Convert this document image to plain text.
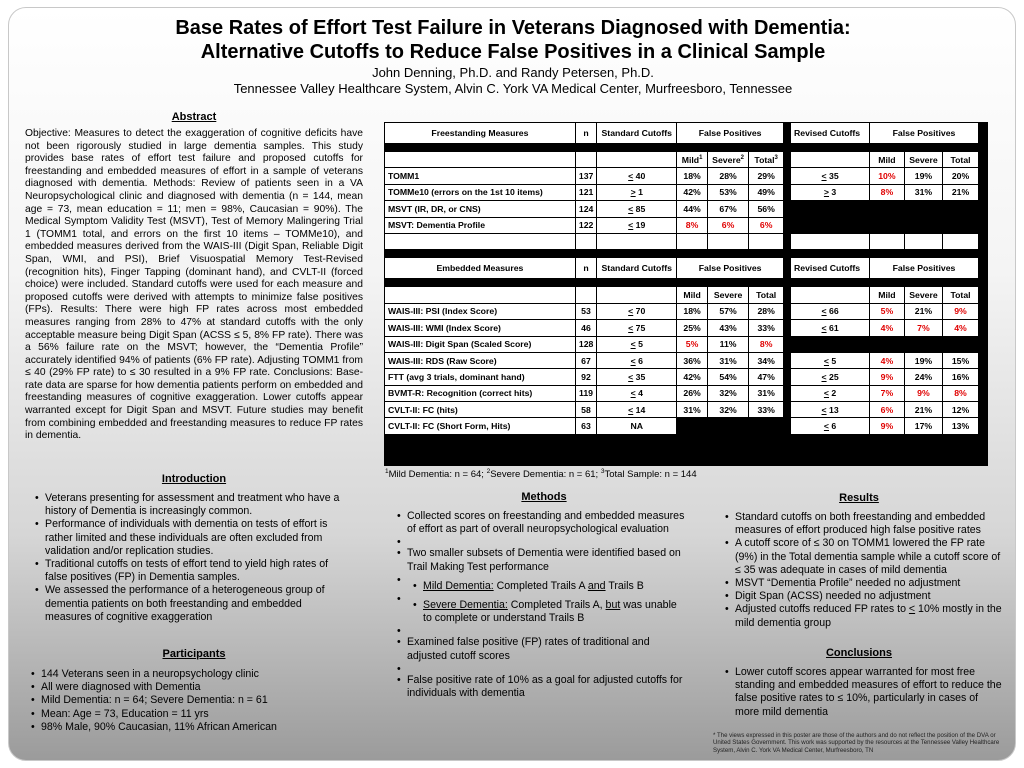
Base Rates of Effort Test Failure in Veterans Diagnosed with Dementia:
Alternative Cutoffs to Reduce False Positives in a Clinical Sample
John Denning, Ph.D. and Randy Petersen, Ph.D.
Tennessee Valley Healthcare System, Alvin C. York VA Medical Center, Murfreesboro, Tennessee
Abstract
Objective: Measures to detect the exaggeration of cognitive deficits have not been rigorously studied in large dementia samples. This study provides base rates of effort test failure and proposed cutoffs for freestanding and embedded measures of effort in a sample of veterans diagnosed with dementia. Methods: Review of patients seen in a VA Neuropsychological clinic and diagnosed with dementia (n = 144, mean age = 73, mean education = 11; men = 98%, Caucasian = 90%). The Medical Symptom Validity Test (MSVT), Test of Memory Malingering Trial 1 (TOMM1 total, and errors on the first 10 items – TOMMe10), and embedded measures derived from the WAIS-III (Digit Span, Reliable Digit Span, WMI, and PSI), Brief Visuospatial Memory Test-Revised (recognition hits), Finger Tapping (dominant hand), and CVLT-II (forced choice) were included. Standard cutoffs were used for each measure and proposed cutoffs were derived with attempts to minimize false positives (FPs). Results: There were high FP rates across most embedded measures ranging from 28% to 47% at standard cutoffs with the only acceptable measure being Digit Span (ACSS ≤ 5, 8% FP rate). There was a 56% failure rate on the MSVT; however, the “Dementia Profile” accurately identified 94% of patients (6% FP rate). Adjusting TOMM1 from ≤ 40 (29% FP rate) to ≤ 30 resulted in a 9% FP rate. Conclusions: Base-rate data are sparse for how dementia patients perform on embedded and freestanding measures of cognitive exaggeration. Lower cutoffs appear warranted except for Digit Span and MSVT. Future studies may benefit from combining embedded and freestanding measures to reduce FP rates in dementia.
Introduction
• Veterans presenting for assessment and treatment who have a history of Dementia is increasingly common.
• Performance of individuals with dementia on tests of effort is rather limited and these individuals are often excluded from validation and/or replication studies.
• Traditional cutoffs on tests of effort tend to yield high rates of false positives (FP) in Dementia samples.
• We assessed the performance of a heterogeneous group of dementia patients on both freestanding and embedded measures of cognitive exaggeration
Participants
• 144 Veterans seen in a neuropsychology clinic
• All were diagnosed with Dementia
• Mild Dementia: n = 64; Severe Dementia: n = 61
• Mean: Age = 73, Education = 11 yrs
• 98% Male, 90% Caucasian, 11% African American
Freestanding Measures	n	Standard Cutoffs	False Positives				Revised Cutoffs	False Positives			

			Mild$^1$	Severe$^2$	Total$^3$			Mild	Severe	Total	
TOMM1	137	< 40	18%	28%	29%		< 35	10%	19%	20%	
TOMMe10 (errors on the 1st 10 items)	121	> 1	42%	53%	49%		> 3	8%	31%	21%	
MSVT (IR, DR, or CNS)	124	< 85	44%	67%	56%						
MSVT: Dementia Profile	122	< 19	8%	6%	6%						

Embedded Measures	n	Standard Cutoffs	False Positives				Revised Cutoffs	False Positives			

			Mild	Severe	Total			Mild	Severe	Total	
WAIS-III: PSI (Index Score)	53	< 70	18%	57%	28%		< 66	5%	21%	9%	
WAIS-III: WMI (Index Score)	46	< 75	25%	43%	33%		< 61	4%	7%	4%	
WAIS-III: Digit Span (Scaled Score)	128	< 5	5%	11%	8%						
WAIS-III: RDS (Raw Score)	67	< 6	36%	31%	34%		< 5	4%	19%	15%	
FTT (avg 3 trials, dominant hand)	92	< 35	42%	54%	47%		< 25	9%	24%	16%	
BVMT-R: Recognition (correct hits)	119	< 4	26%	32%	31%		< 2	7%	9%	8%	
CVLT-II: FC (hits)	58	< 14	31%	32%	33%		< 13	6%	21%	12%	
CVLT-II: FC (Short Form, Hits)	63	NA					< 6	9%	17%	13%	
$^1$Mild Dementia: n = 64; $^2$Severe Dementia: n = 61; $^3$Total Sample: n = 144
Methods
• Collected scores on freestanding and embedded measures of effort as part of overall neuropsychological evaluation
•
• Two smaller subsets of Dementia were identified based on Trail Making Test performance
•
• Mild Dementia: Completed Trails A and Trails B
•
• Severe Dementia: Completed Trails A, but was unable to complete or understand Trails B
•
• Examined false positive (FP) rates of traditional and adjusted cutoff scores
•
• False positive rate of 10% as a goal for adjusted cutoffs for individuals with dementia
Results
• Standard cutoffs on both freestanding and embedded measures of effort produced high false positive rates
• A cutoff score of ≤ 30 on TOMM1 lowered the FP rate (9%) in the Total dementia sample while a cutoff score of ≤ 35 was adequate in cases of mild dementia
• MSVT “Dementia Profile” needed no adjustment
• Digit Span (ACSS) needed no adjustment
• Adjusted cutoffs reduced FP rates to < 10% mostly in the mild dementia group
Conclusions
• Lower cutoff scores appear warranted for most free standing and embedded measures of effort to reduce the false positive rates to ≤ 10%, particularly in cases of more mild dementia
* The views expressed in this poster are those of the authors and do not reflect the position of the DVA or United States Government. This work was supported by the resources at the Tennessee Valley Healthcare System, Alvin C. York VA Medical Center, Murfreesboro, TN
